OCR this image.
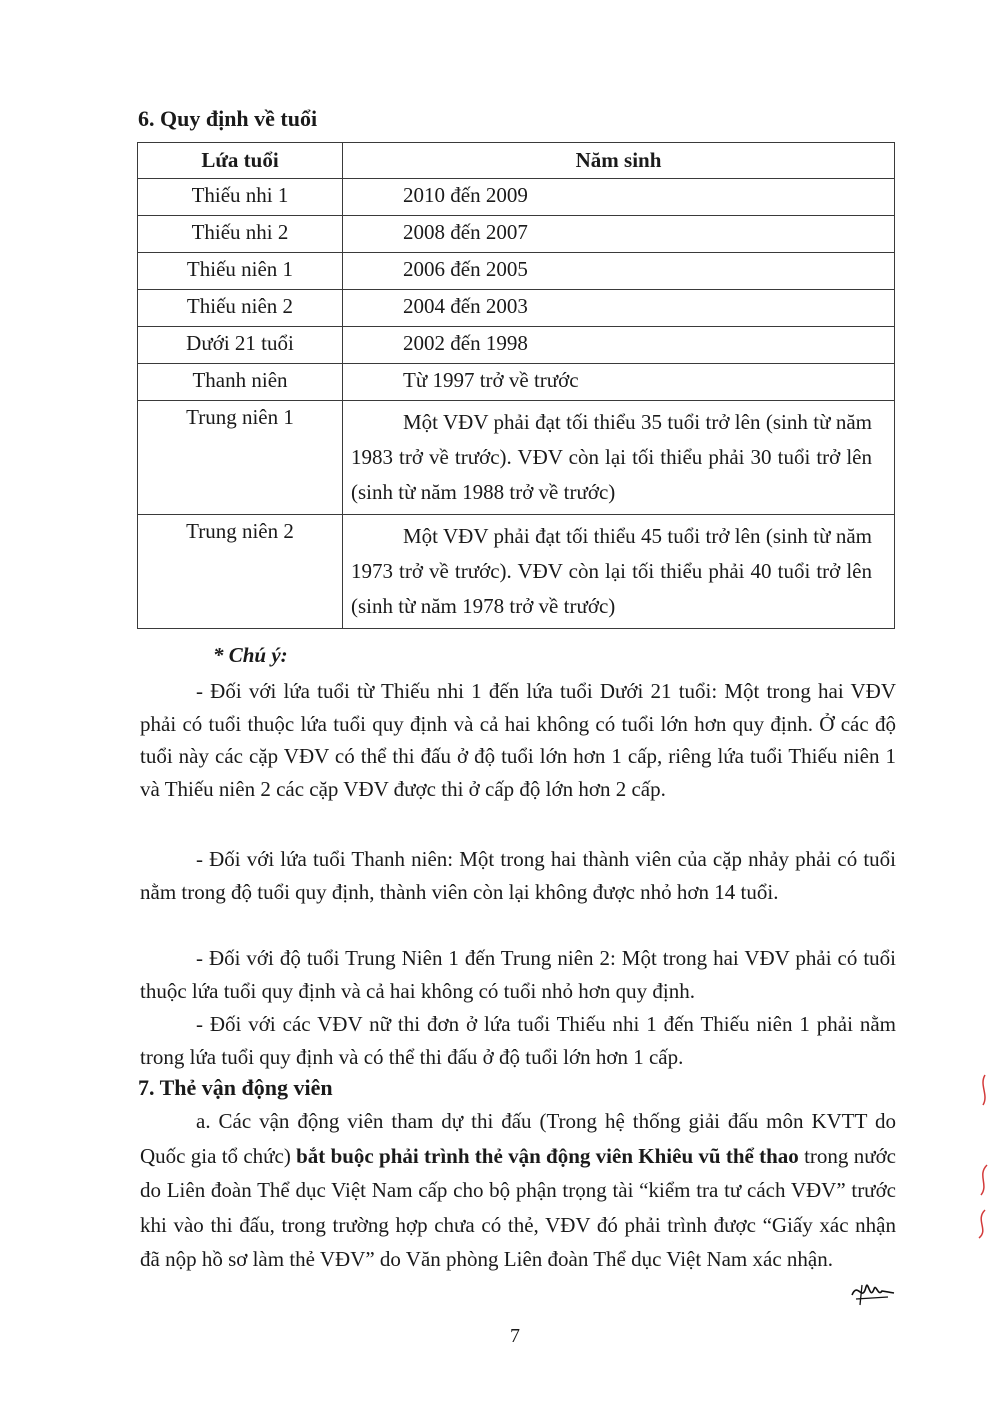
6. Quy định về tuổi
Lứa tuổi	Năm sinh
Thiếu nhi 1	2010 đến 2009
Thiếu nhi 2	2008 đến 2007
Thiếu niên 1	2006 đến 2005
Thiếu niên 2	2004 đến 2003
Dưới 21 tuổi	2002 đến 1998
Thanh niên	Từ 1997 trở về trước
Trung niên 1	Một VĐV phải đạt tối thiểu 35 tuổi trở lên (sinh từ năm 1983 trở về trước). VĐV còn lại tối thiểu phải 30 tuổi trở lên (sinh từ năm 1988 trở về trước)
Trung niên 2	Một VĐV phải đạt tối thiểu 45 tuổi trở lên (sinh từ năm 1973 trở về trước). VĐV còn lại tối thiểu phải 40 tuổi trở lên (sinh từ năm 1978 trở về trước)
* Chú ý:
- Đối với lứa tuổi từ Thiếu nhi 1 đến lứa tuổi Dưới 21 tuổi: Một trong hai VĐV phải có tuổi thuộc lứa tuổi quy định và cả hai không có tuổi lớn hơn quy định. Ở các độ tuổi này các cặp VĐV có thể thi đấu ở độ tuổi lớn hơn 1 cấp, riêng lứa tuổi Thiếu niên 1 và Thiếu niên 2 các cặp VĐV được thi ở cấp độ lớn hơn 2 cấp.
- Đối với lứa tuổi Thanh niên: Một trong hai thành viên của cặp nhảy phải có tuổi nằm trong độ tuổi quy định, thành viên còn lại không được nhỏ hơn 14 tuổi.
- Đối với độ tuổi Trung Niên 1 đến Trung niên 2: Một trong hai VĐV phải có tuổi thuộc lứa tuổi quy định và cả hai không có tuổi nhỏ hơn quy định.
- Đối với các VĐV nữ thi đơn ở lứa tuổi Thiếu nhi 1 đến Thiếu niên 1 phải nằm trong lứa tuổi quy định và có thể thi đấu ở độ tuổi lớn hơn 1 cấp.
7. Thẻ vận động viên
a. Các vận động viên tham dự thi đấu (Trong hệ thống giải đấu môn KVTT do Quốc gia tổ chức) bắt buộc phải trình thẻ vận động viên Khiêu vũ thể thao trong nước do Liên đoàn Thể dục Việt Nam cấp cho bộ phận trọng tài “kiểm tra tư cách VĐV” trước khi vào thi đấu, trong trường hợp chưa có thẻ, VĐV đó phải trình được “Giấy xác nhận đã nộp hồ sơ làm thẻ VĐV” do Văn phòng Liên đoàn Thể dục Việt Nam xác nhận.
7
